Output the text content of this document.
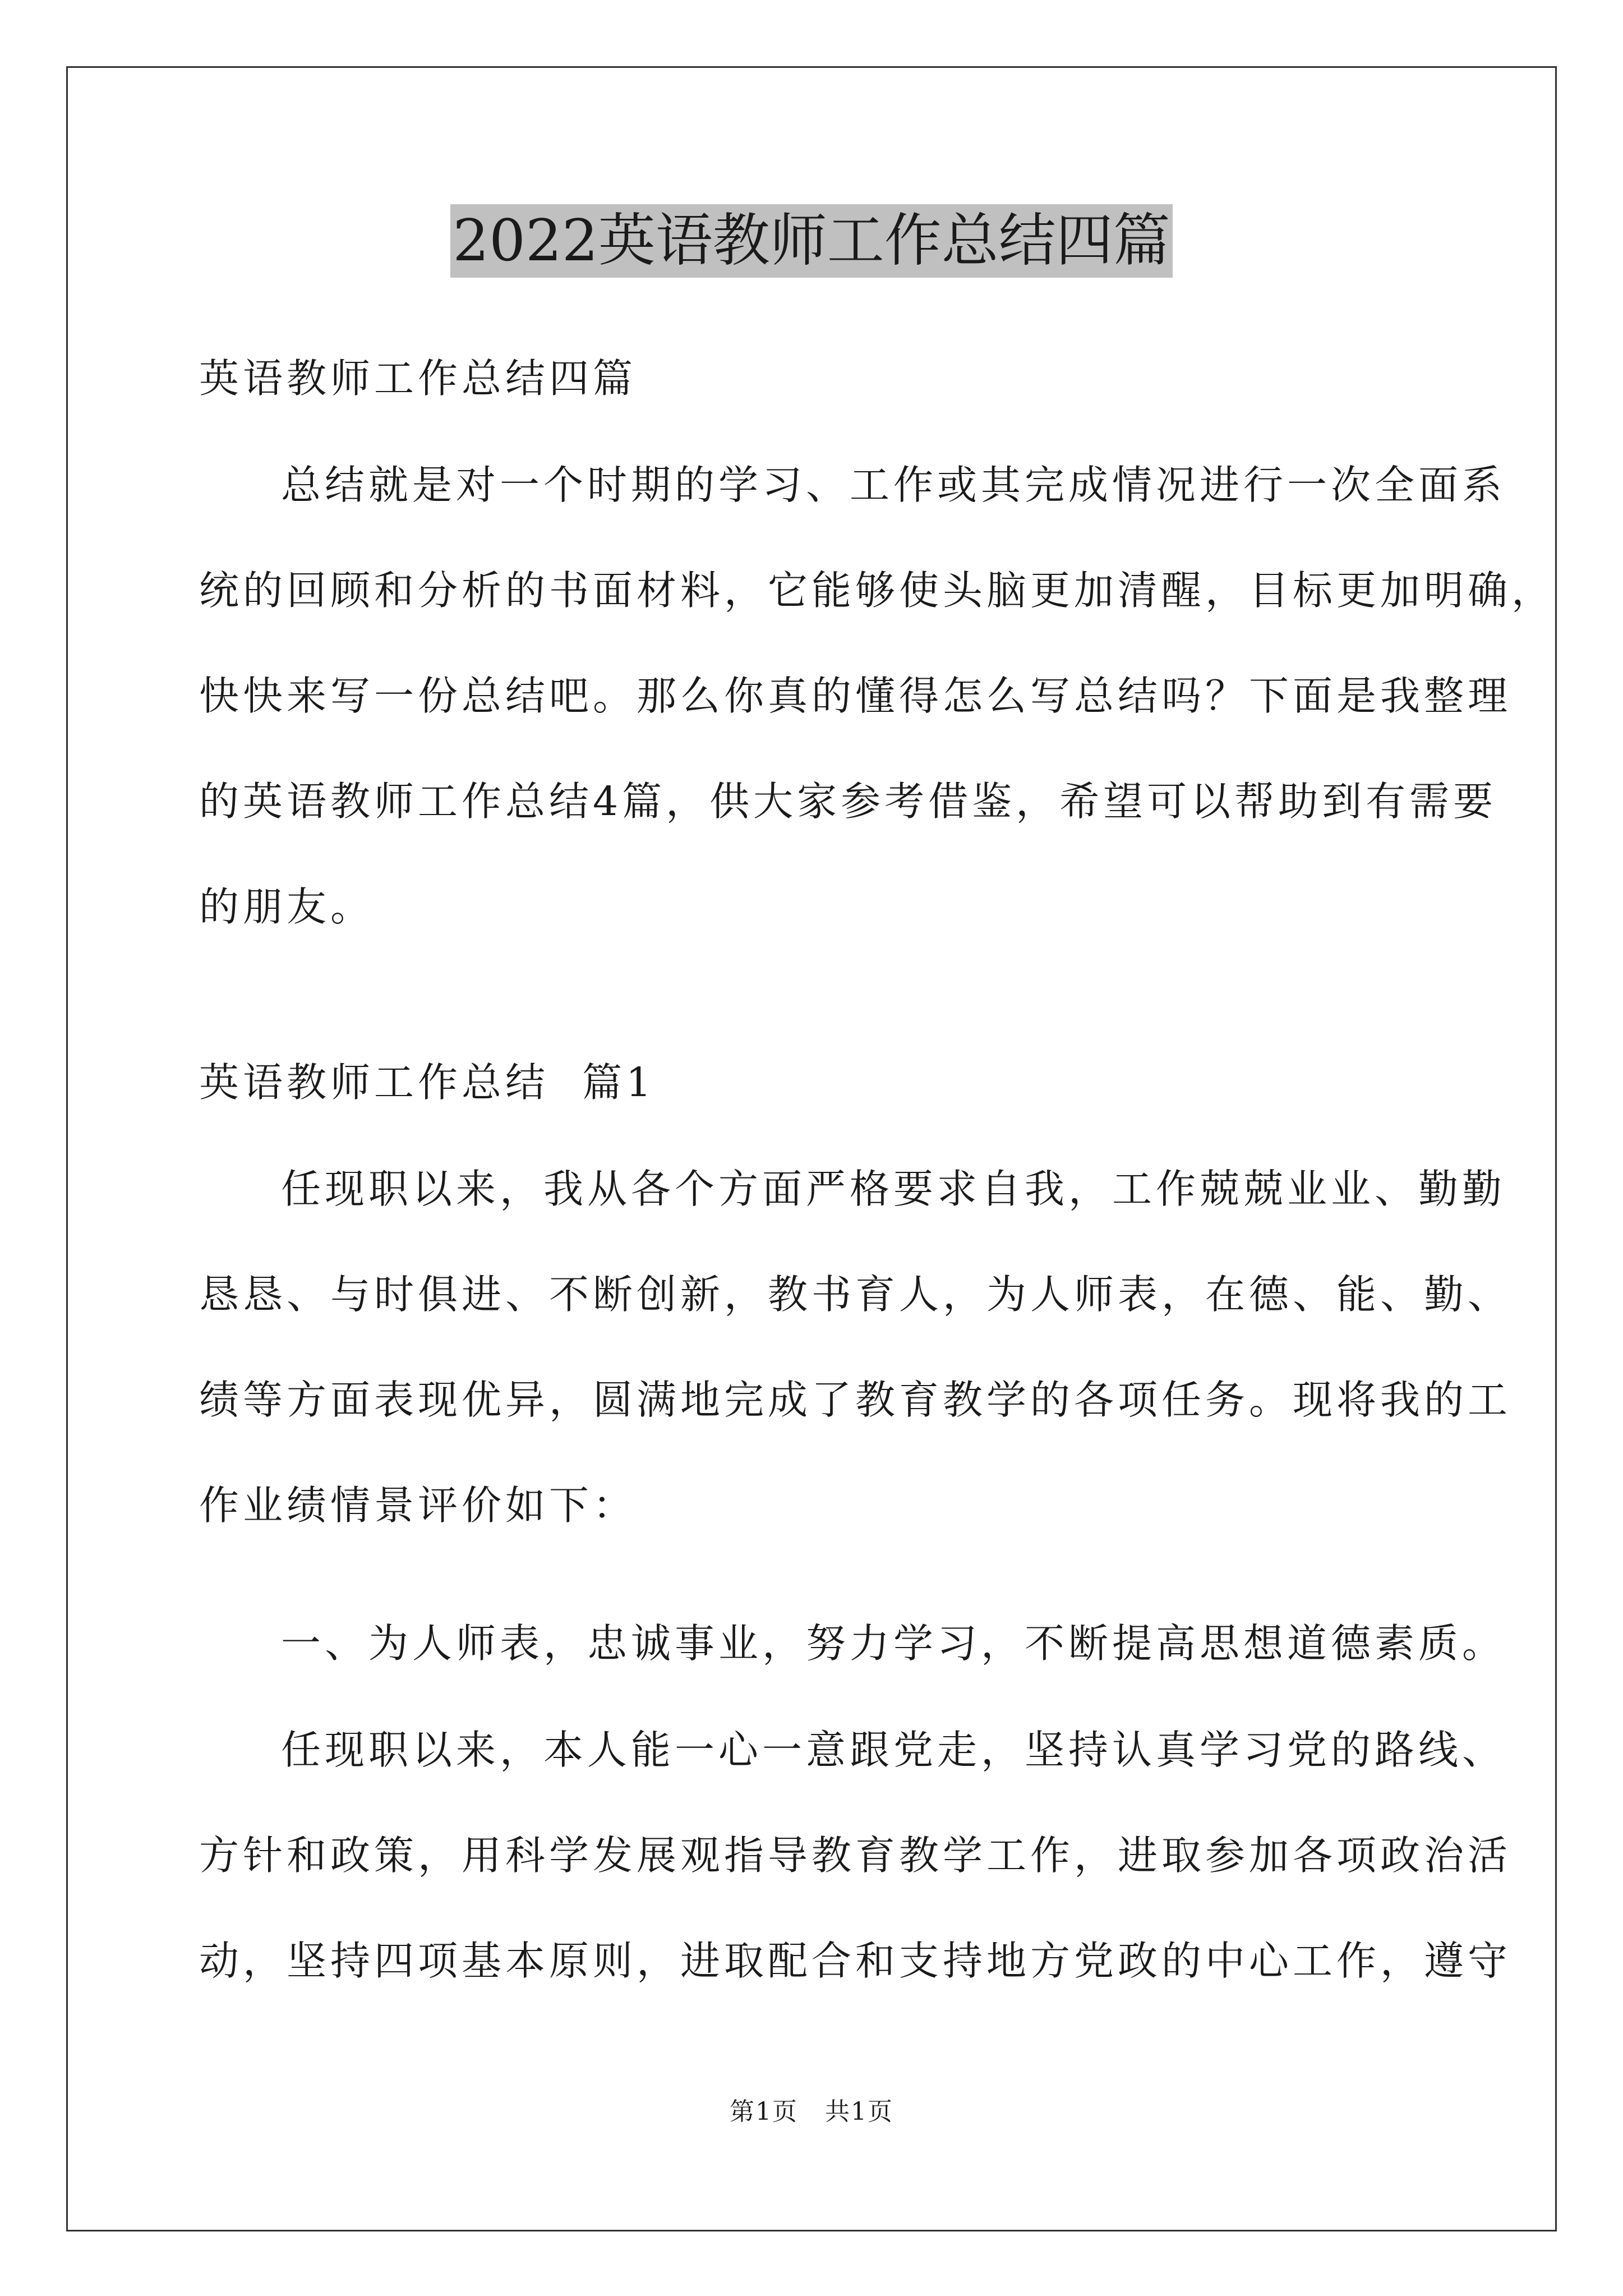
2022英语教师工作总结四篇
英语教师工作总结四篇
总结就是对一个时期的学习、工作或其完成情况进行一次全面系
统的回顾和分析的书面材料，它能够使头脑更加清醒，目标更加明确，
快快来写一份总结吧。那么你真的懂得怎么写总结吗？下面是我整理
的英语教师工作总结4篇，供大家参考借鉴，希望可以帮助到有需要
的朋友。
英语教师工作总结  篇1
任现职以来，我从各个方面严格要求自我，工作兢兢业业、勤勤
恳恳、与时俱进、不断创新，教书育人，为人师表，在德、能、勤、
绩等方面表现优异，圆满地完成了教育教学的各项任务。现将我的工
作业绩情景评价如下：
一、为人师表，忠诚事业，努力学习，不断提高思想道德素质。
任现职以来，本人能一心一意跟党走，坚持认真学习党的路线、
方针和政策，用科学发展观指导教育教学工作，进取参加各项政治活
动，坚持四项基本原则，进取配合和支持地方党政的中心工作，遵守
第1页   共1页
